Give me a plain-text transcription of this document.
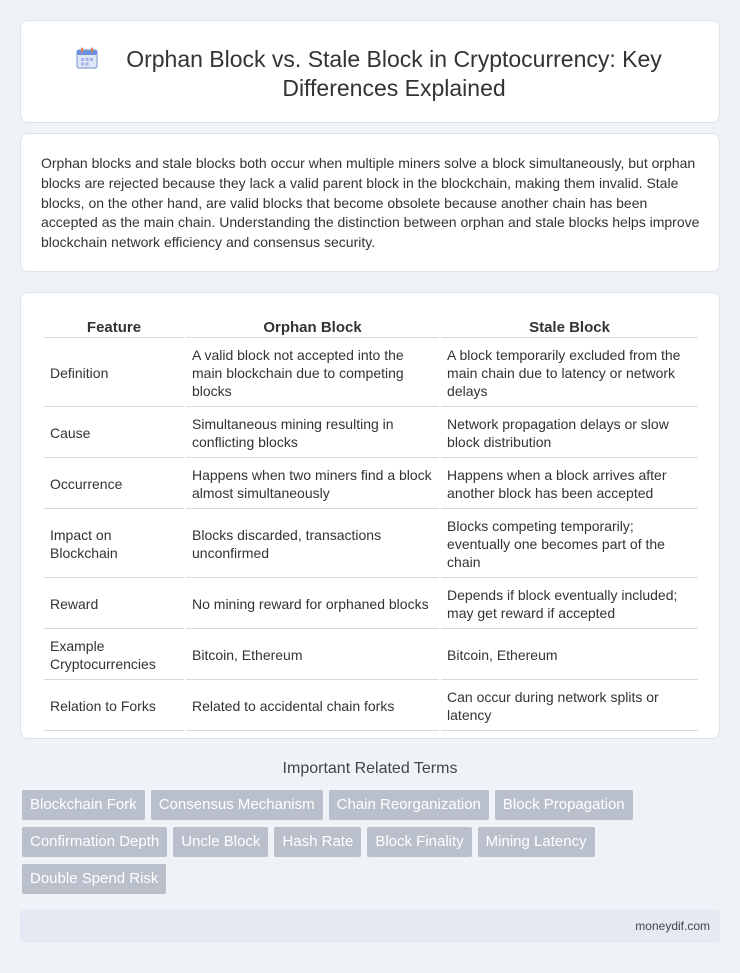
Orphan Block vs. Stale Block in Cryptocurrency: Key Differences Explained

Orphan blocks and stale blocks both occur when multiple miners solve a block simultaneously, but orphan blocks are rejected because they lack a valid parent block in the blockchain, making them invalid. Stale blocks, on the other hand, are valid blocks that become obsolete because another chain has been accepted as the main chain. Understanding the distinction between orphan and stale blocks helps improve blockchain network efficiency and consensus security.

Feature	Orphan Block	Stale Block
Definition	A valid block not accepted into the main blockchain due to competing blocks	A block temporarily excluded from the main chain due to latency or network delays
Cause	Simultaneous mining resulting in conflicting blocks	Network propagation delays or slow block distribution
Occurrence	Happens when two miners find a block almost simultaneously	Happens when a block arrives after another block has been accepted
Impact on Blockchain	Blocks discarded, transactions unconfirmed	Blocks competing temporarily; eventually one becomes part of the chain
Reward	No mining reward for orphaned blocks	Depends if block eventually included; may get reward if accepted
Example Cryptocurrencies	Bitcoin, Ethereum	Bitcoin, Ethereum
Relation to Forks	Related to accidental chain forks	Can occur during network splits or latency
Important Related Terms
Blockchain Fork	Consensus Mechanism	Chain Reorganization	Block Propagation
Confirmation Depth	Uncle Block	Hash Rate	Block Finality	Mining Latency
Double Spend Risk
moneydif.com
